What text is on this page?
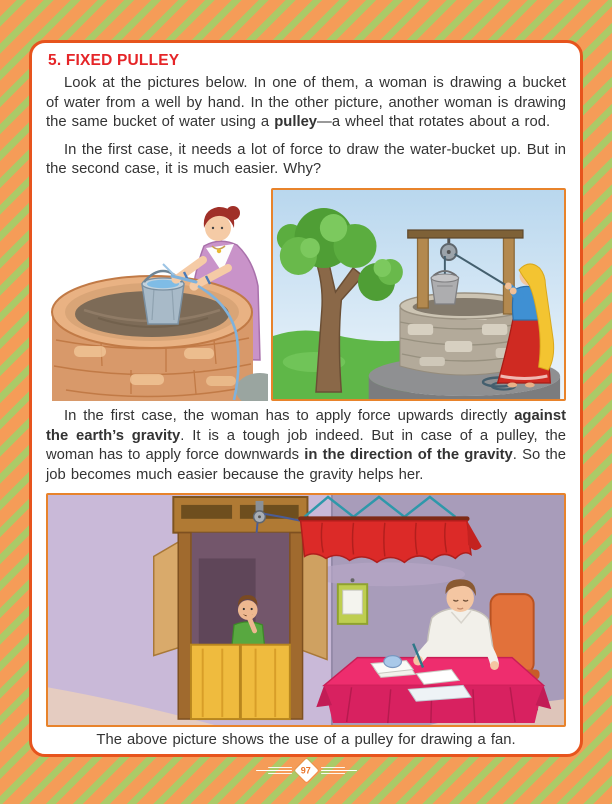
5. FIXED PULLEY

Look at the pictures below. In one of them, a woman is drawing a bucket of water from a well by hand. In the other picture, another woman is drawing the same bucket of water using a pulley—a wheel that rotates about a rod.

In the first case, it needs a lot of force to draw the water-bucket up. But in the second case, it is much easier. Why?

In the first case, the woman has to apply force upwards directly against the earth’s gravity. It is a tough job indeed. But in case of a pulley, the woman has to apply force downwards in the direction of the gravity. So the job becomes much easier because the gravity helps her.

The above picture shows the use of a pulley for drawing a fan.
97
